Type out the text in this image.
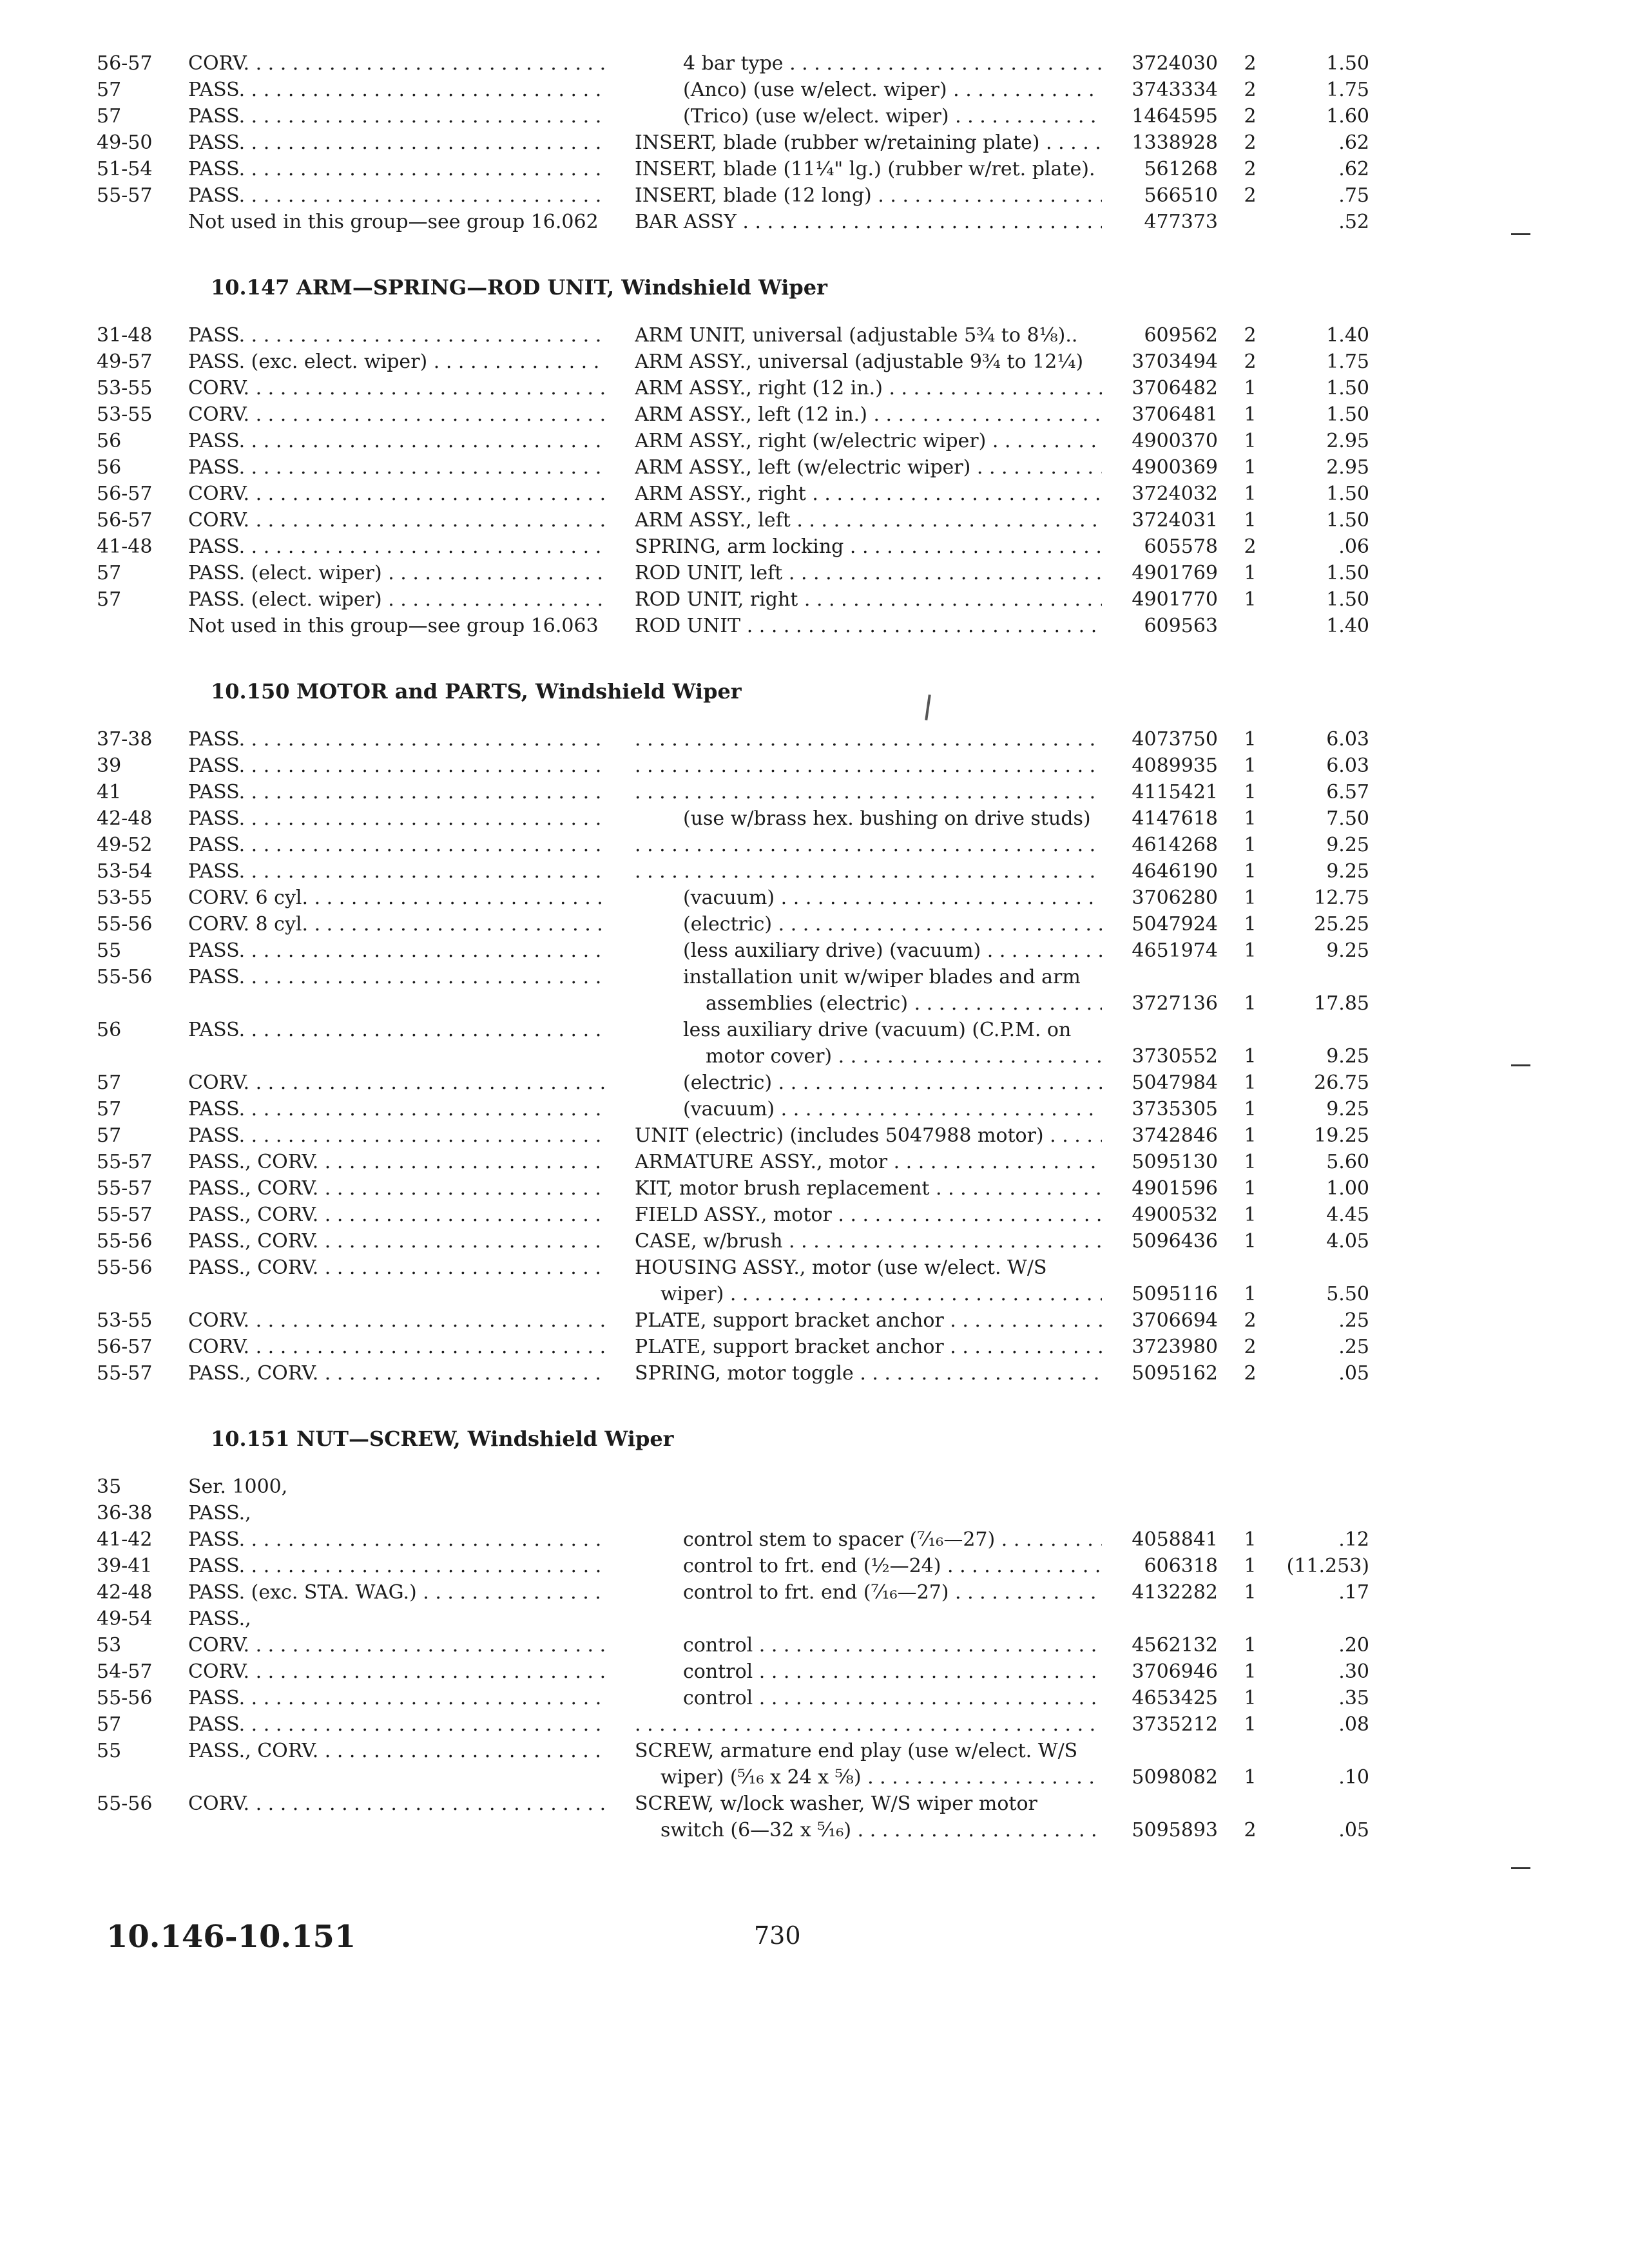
56-57 CORV. . . .	4 bar type . . .	3724030	2	1.50
57	PASS. . . .	(Anco) (use w/elect. wiper) . . .	3743334	2	1.75
57	PASS. . . .	(Trico) (use w/elect. wiper) . . .	1464595	2	1.60
49-50 PASS. . . .	INSERT, blade (rubber w/retaining plate) . . .	1338928	2	.62
51-54 PASS. . . .	INSERT, blade (11¼" lg.) (rubber w/ret. plate).	561268	2	.62
55-57 PASS. . . .	INSERT, blade (12 long) . . .	566510	2	.75
Not used in this group—see group 16.062	BAR ASSY . . .	477373	.52
10.147 ARM—SPRING—ROD UNIT, Windshield Wiper
31-48 PASS. . . .	ARM UNIT, universal (adjustable 5¾ to 8⅛)..	609562	2	1.40
49-57 PASS. (exc. elect. wiper) . . .	ARM ASSY., universal (adjustable 9¾ to 12¼)	3703494	2	1.75
53-55 CORV. . . .	ARM ASSY., right (12 in.) . . .	3706482	1	1.50
53-55 CORV. . . .	ARM ASSY., left (12 in.) . . .	3706481	1	1.50
56	PASS. . . .	ARM ASSY., right (w/electric wiper) . . .	4900370	1	2.95
56	PASS. . . .	ARM ASSY., left (w/electric wiper) . . .	4900369	1	2.95
56-57 CORV. . . .	ARM ASSY., right . . .	3724032	1	1.50
56-57 CORV. . . .	ARM ASSY., left . . .	3724031	1	1.50
41-48 PASS. . . .	SPRING, arm locking . . .	605578	2	.06
57	PASS. (elect. wiper) . . .	ROD UNIT, left . . .	4901769	1	1.50
57	PASS. (elect. wiper) . . .	ROD UNIT, right . . .	4901770	1	1.50
Not used in this group—see group 16.063	ROD UNIT . . .	609563	1.40
10.150 MOTOR and PARTS, Windshield Wiper
37-38 PASS. . . . . . .	4073750	1	6.03
39	PASS. . . . . . .	4089935	1	6.03
41	PASS. . . . . . .	4115421	1	6.57
42-48 PASS. . . .	(use w/brass hex. bushing on drive studs)	4147618	1	7.50
49-52 PASS. . . . . . .	4614268	1	9.25
53-54 PASS. . . . . . .	4646190	1	9.25
53-55 CORV. 6 cyl. . . .	(vacuum) . . .	3706280	1	12.75
55-56 CORV. 8 cyl. . . .	(electric) . . .	5047924	1	25.25
55	PASS. . . .	(less auxiliary drive) (vacuum) . . .	4651974	1	9.25
55-56 PASS. . . .	installation unit w/wiper blades and arm
assemblies (electric) . . .	3727136	1	17.85
56	PASS. . . .	less auxiliary drive (vacuum) (C.P.M. on
motor cover) . . .	3730552	1	9.25
57	CORV. . . .	(electric) . . .	5047984	1	26.75
57	PASS. . . .	(vacuum) . . .	3735305	1	9.25
57	PASS. . . .	UNIT (electric) (includes 5047988 motor) . . .	3742846	1	19.25
55-57 PASS., CORV. . . .	ARMATURE ASSY., motor . . .	5095130	1	5.60
55-57 PASS., CORV. . . .	KIT, motor brush replacement . . .	4901596	1	1.00
55-57 PASS., CORV. . . .	FIELD ASSY., motor . . .	4900532	1	4.45
55-56 PASS., CORV. . . .	CASE, w/brush . . .	5096436	1	4.05
55-56 PASS., CORV. . . .	HOUSING ASSY., motor (use w/elect. W/S
wiper) . . .	5095116	1	5.50
53-55 CORV. . . .	PLATE, support bracket anchor . . .	3706694	2	.25
56-57 CORV. . . .	PLATE, support bracket anchor . . .	3723980	2	.25
55-57 PASS., CORV. . . .	SPRING, motor toggle . . .	5095162	2	.05
10.151 NUT—SCREW, Windshield Wiper
35	Ser. 1000,
36-38 PASS.,
41-42 PASS. . . .	control stem to spacer (⁷⁄₁₆—27) . . .	4058841	1	.12
39-41 PASS. . . .	control to frt. end (½—24) . . .	606318	1	(11.253)
42-48 PASS. (exc. STA. WAG.) . . .	control to frt. end (⁷⁄₁₆—27) . . .	4132282	1	.17
49-54 PASS.,
53	CORV. . . .	control . . .	4562132	1	.20
54-57 CORV. . . .	control . . .	3706946	1	.30
55-56 PASS. . . .	control . . .	4653425	1	.35
57	PASS. . . . . . .	3735212	1	.08
55	PASS., CORV. . . .	SCREW, armature end play (use w/elect. W/S
wiper) (⁵⁄₁₆ x 24 x ⅝) . . .	5098082	1	.10
55-56 CORV. . . .	SCREW, w/lock washer, W/S wiper motor
switch (6—32 x ⁵⁄₁₆) . . .	5095893	2	.05
10.146-10.151	730
